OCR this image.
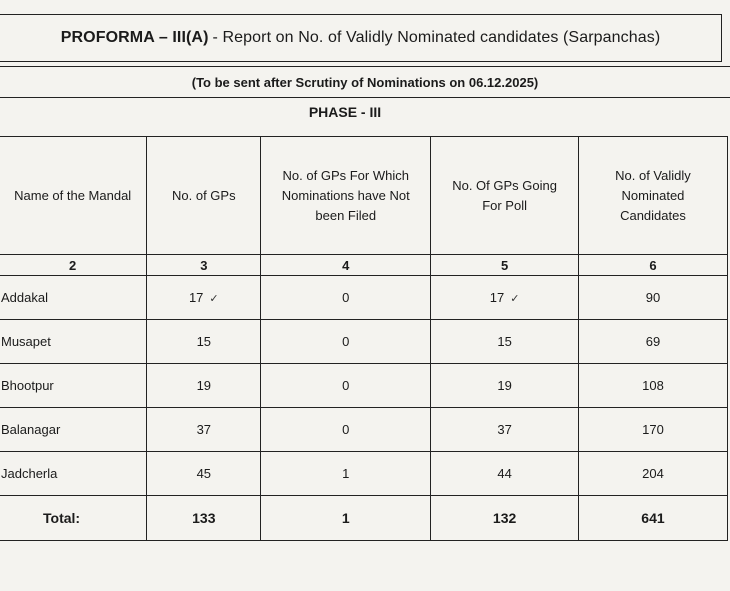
PROFORMA – III(A) - Report on No. of Validly Nominated candidates (Sarpanchas)
(To be sent after Scrutiny of Nominations on 06.12.2025)
PHASE - III
Name of the Mandal	No. of GPs	No. of GPs For Which Nominations have Not been Filed	No. Of GPs Going For Poll	No. of Validly Nominated Candidates
2	3	4	5	6
Addakal	17 ✓	0	17 ✓	90
Musapet	15	0	15	69
Bhootpur	19	0	19	108
Balanagar	37	0	37	170
Jadcherla	45	1	44	204
Total:	133	1	132	641
